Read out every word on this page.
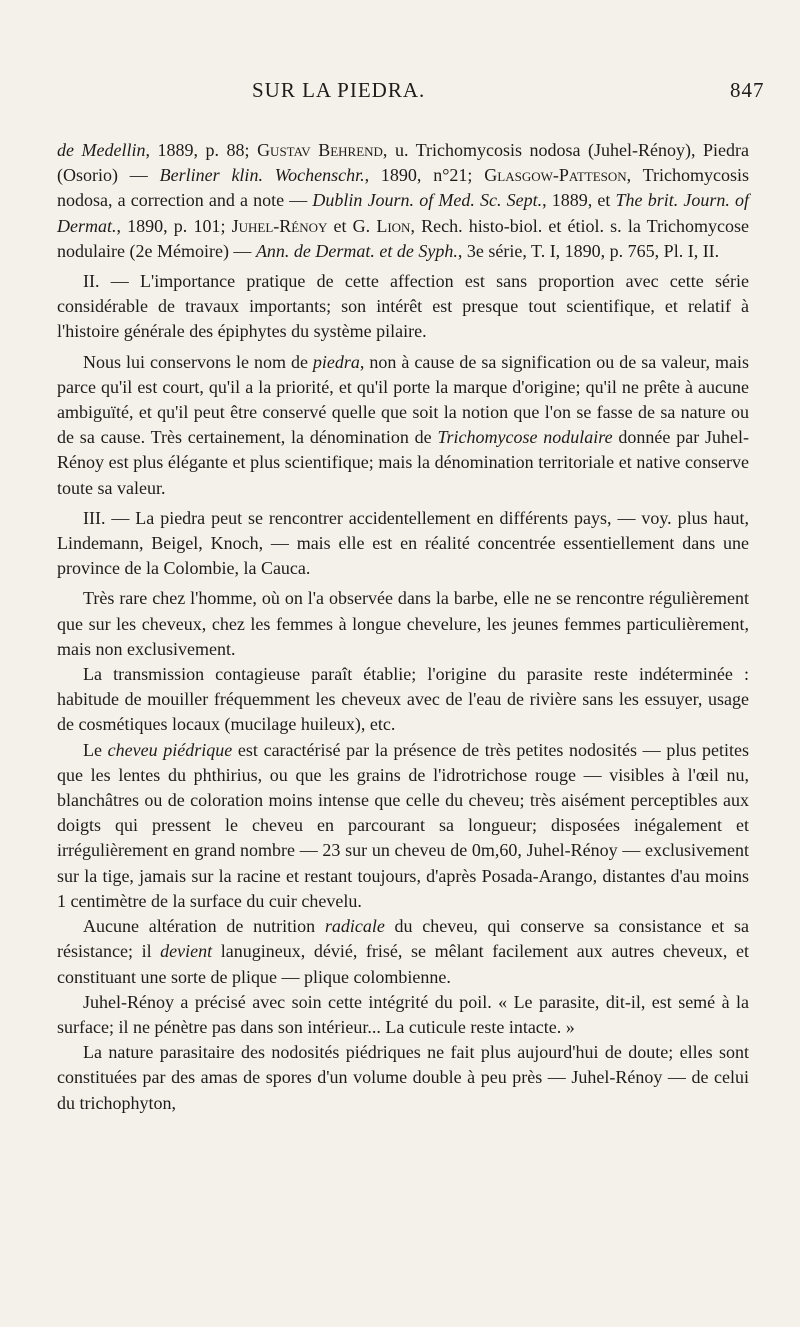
SUR LA PIEDRA.	847

de Medellin, 1889, p. 88; Gustav Behrend, u. Trichomycosis nodosa (Juhel-Rénoy), Piedra (Osorio) — Berliner klin. Wochenschr., 1890, n°21; Glasgow-Patteson, Trichomycosis nodosa, a correction and a note — Dublin Journ. of Med. Sc. Sept., 1889, et The brit. Journ. of Dermat., 1890, p. 101; Juhel-Rénoy et G. Lion, Rech. histo-biol. et étiol. s. la Trichomycose nodulaire (2e Mémoire) — Ann. de Dermat. et de Syph., 3e série, T. I, 1890, p. 765, Pl. I, II.

II. — L'importance pratique de cette affection est sans proportion avec cette série considérable de travaux importants; son intérêt est presque tout scientifique, et relatif à l'histoire générale des épiphytes du système pilaire.

Nous lui conservons le nom de piedra, non à cause de sa signification ou de sa valeur, mais parce qu'il est court, qu'il a la priorité, et qu'il porte la marque d'origine; qu'il ne prête à aucune ambiguïté, et qu'il peut être conservé quelle que soit la notion que l'on se fasse de sa nature ou de sa cause. Très certainement, la dénomination de Trichomycose nodulaire donnée par Juhel-Rénoy est plus élégante et plus scientifique; mais la dénomination territoriale et native conserve toute sa valeur.

III. — La piedra peut se rencontrer accidentellement en différents pays, — voy. plus haut, Lindemann, Beigel, Knoch, — mais elle est en réalité concentrée essentiellement dans une province de la Colombie, la Cauca.

Très rare chez l'homme, où on l'a observée dans la barbe, elle ne se rencontre régulièrement que sur les cheveux, chez les femmes à longue chevelure, les jeunes femmes particulièrement, mais non exclusivement.

La transmission contagieuse paraît établie; l'origine du parasite reste indéterminée : habitude de mouiller fréquemment les cheveux avec de l'eau de rivière sans les essuyer, usage de cosmétiques locaux (mucilage huileux), etc.

Le cheveu piédrique est caractérisé par la présence de très petites nodosités — plus petites que les lentes du phthirius, ou que les grains de l'idrotrichose rouge — visibles à l'œil nu, blanchâtres ou de coloration moins intense que celle du cheveu; très aisément perceptibles aux doigts qui pressent le cheveu en parcourant sa longueur; disposées inégalement et irrégulièrement en grand nombre — 23 sur un cheveu de 0m,60, Juhel-Rénoy — exclusivement sur la tige, jamais sur la racine et restant toujours, d'après Posada-Arango, distantes d'au moins 1 centimètre de la surface du cuir chevelu.

Aucune altération de nutrition radicale du cheveu, qui conserve sa consistance et sa résistance; il devient lanugineux, dévié, frisé, se mêlant facilement aux autres cheveux, et constituant une sorte de plique — plique colombienne.

Juhel-Rénoy a précisé avec soin cette intégrité du poil. « Le parasite, dit-il, est semé à la surface; il ne pénètre pas dans son intérieur... La cuticule reste intacte. »

La nature parasitaire des nodosités piédriques ne fait plus aujourd'hui de doute; elles sont constituées par des amas de spores d'un volume double à peu près — Juhel-Rénoy — de celui du trichophyton,
